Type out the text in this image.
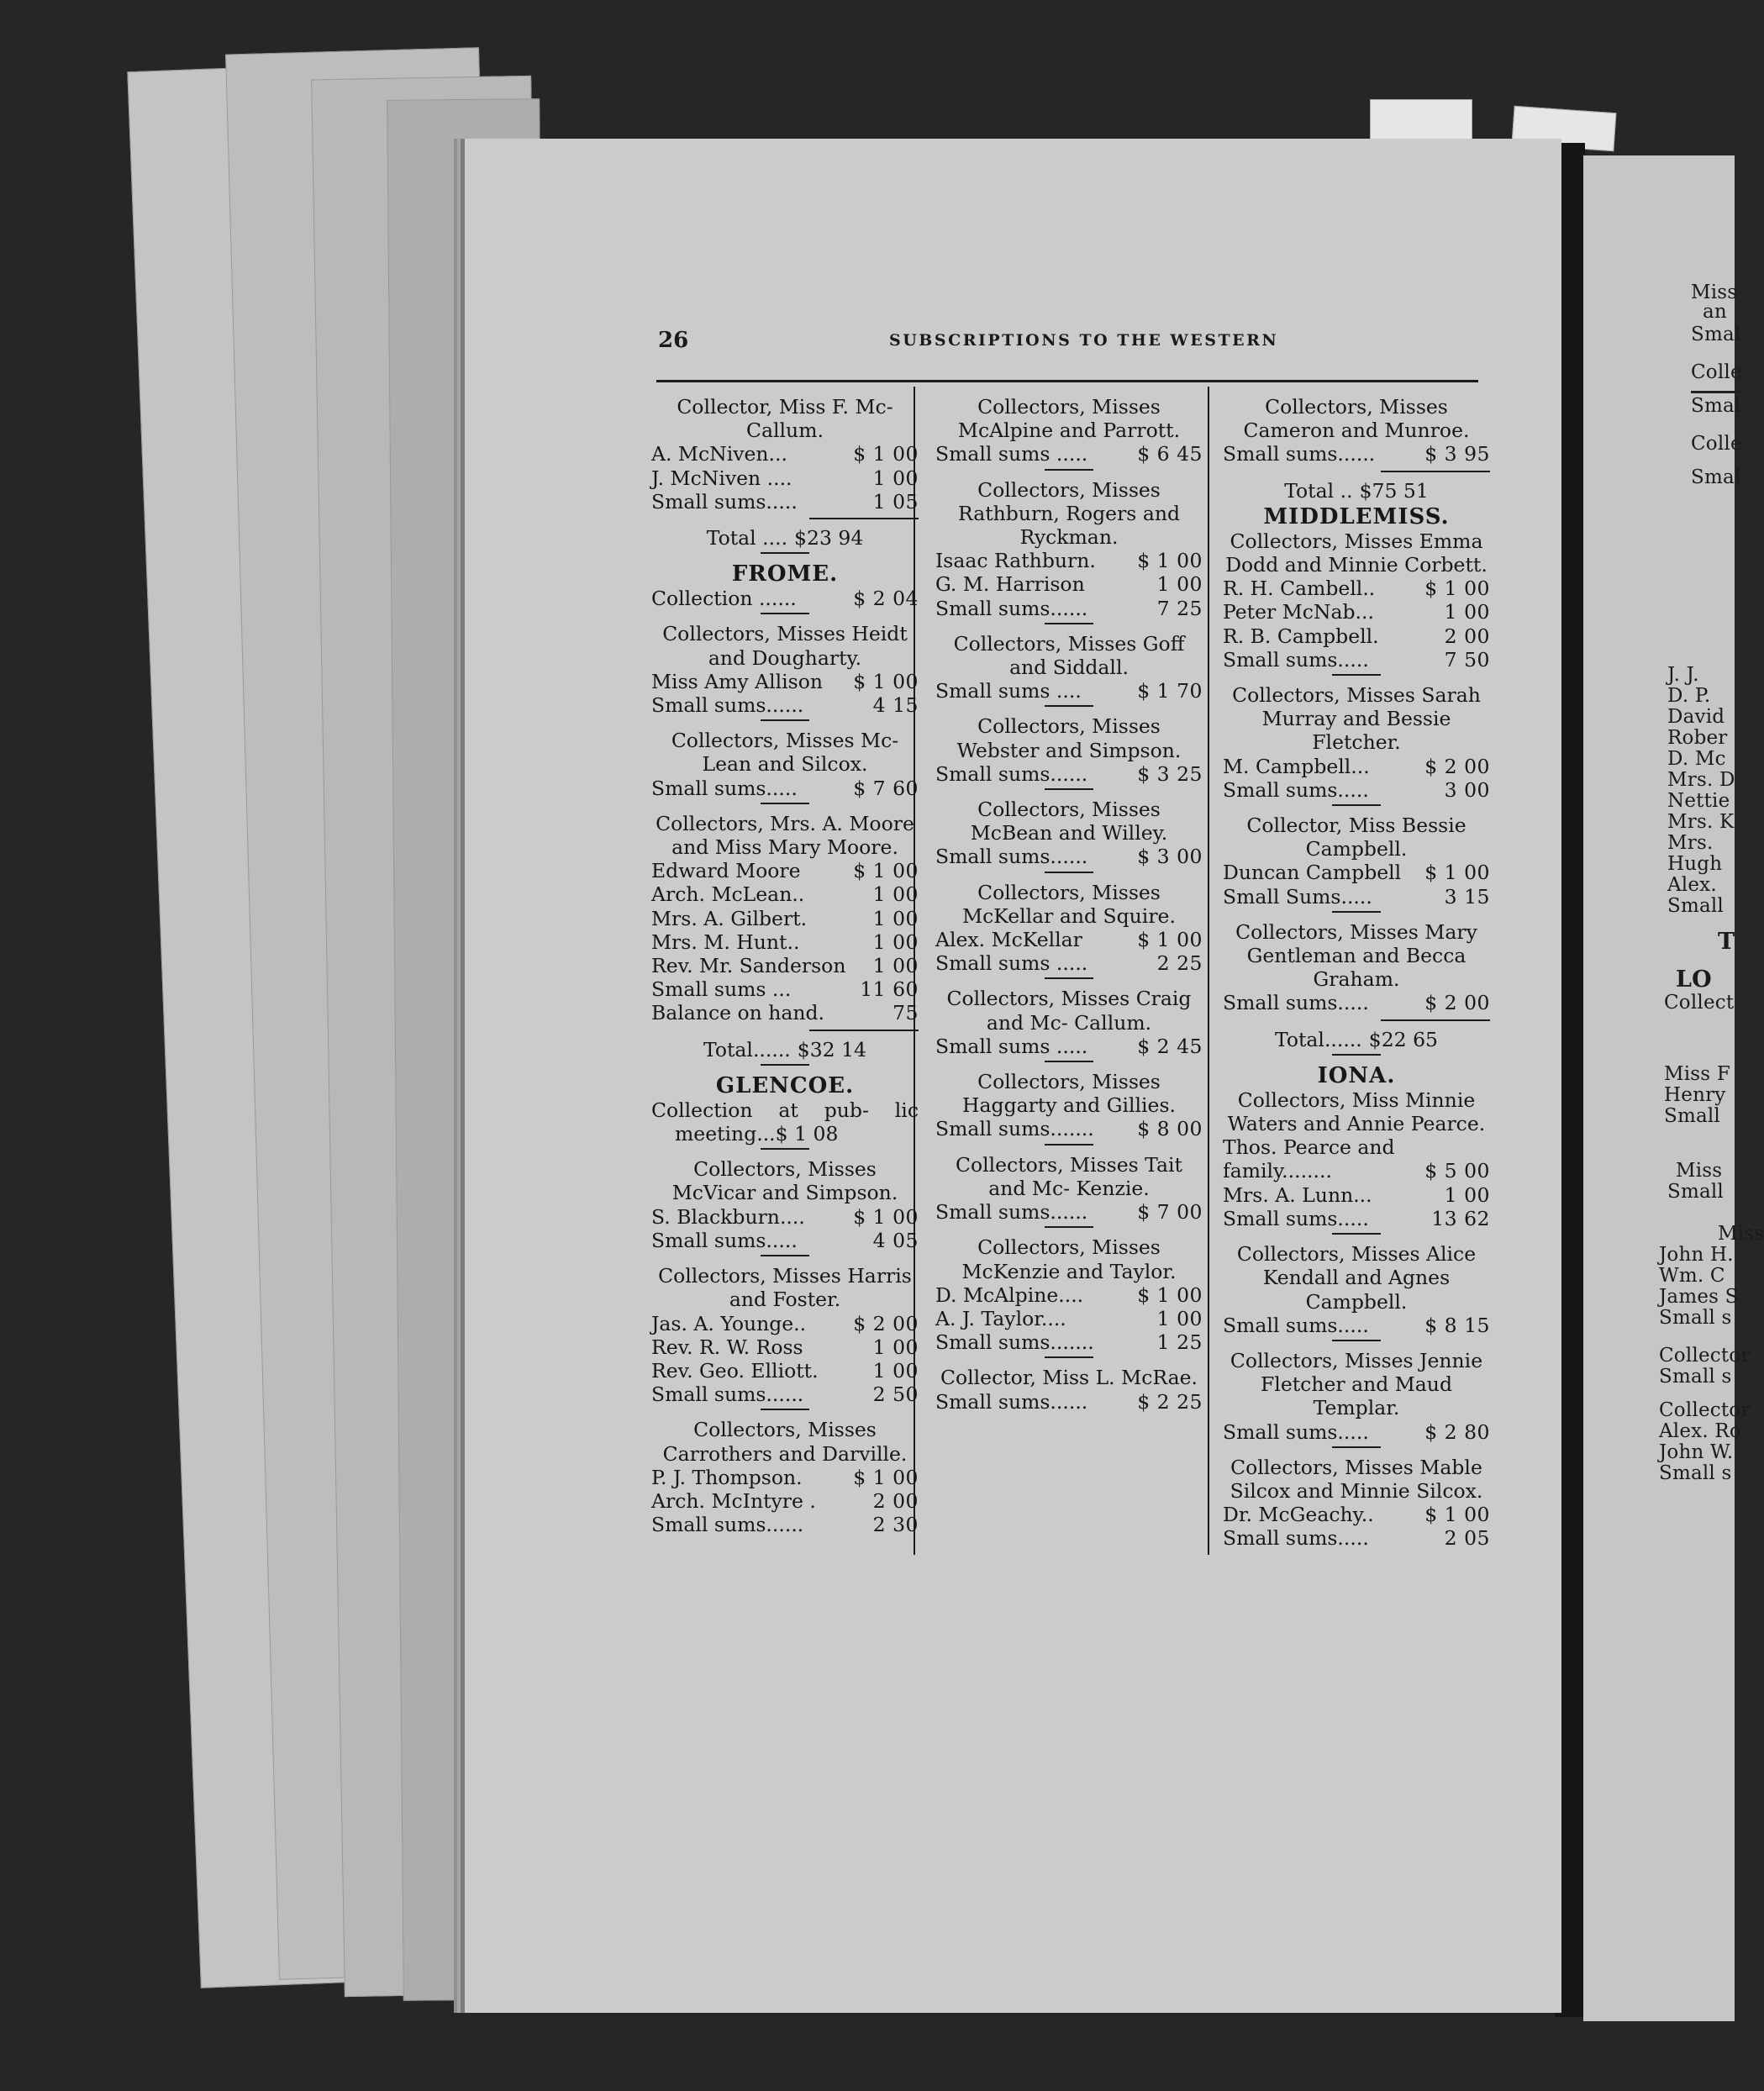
Miss
an
Smal
Colle
Smal
Colle
Smal
J. J.
D. P.
David
Rober
D. Mc
Mrs. D
Nettie
Mrs. K
Mrs.
Hugh
Alex.
Small
T
LO
Collect
Miss F
Henry
Small
Miss
Small
Miss
John H.
Wm. C
James S
Small s
Collector
Small s
Collector
Alex. Ro
John W.
Small s
26	SUBSCRIPTIONS TO THE WESTERN

Collector, Miss F. Mc- Callum.

A. McNiven...	$ 1 00
J. McNiven ....	1 00
Small sums.....	1 05
Total .... $23 94
FROME.
Collection ......	$ 2 04

Collectors, Misses Heidt and Dougharty.

Miss Amy Allison $ 1 00
Small sums......	4 15

Collectors, Misses Mc- Lean and Silcox.

Small sums.....	$ 7 60

Collectors, Mrs. A. Moore and Miss Mary Moore.

Edward Moore	$ 1 00
Arch. McLean..	1 00
Mrs. A. Gilbert.	1 00
Mrs. M. Hunt..	1 00
Rev. Mr. Sanderson 1 00
Small sums ...	11 60
Balance on hand.	75
Total...... $32 14
GLENCOE.

Collection at pub- lic meeting...$ 1 08

Collectors, Misses McVicar and Simpson.

S. Blackburn.... $ 1 00
Small sums.....	4 05

Collectors, Misses Harris and Foster.

Jas. A. Younge.. $ 2 00
Rev. R. W. Ross	1 00
Rev. Geo. Elliott.	1 00
Small sums......	2 50

Collectors, Misses Carrothers and Darville.

P. J. Thompson.	$ 1 00
Arch. McIntyre .	2 00
Small sums......	2 30

Collectors, Misses McAlpine and Parrott.

Small sums .....	$ 6 45

Collectors, Misses Rathburn, Rogers and Ryckman.

Isaac Rathburn. $ 1 00
G. M. Harrison	1 00
Small sums......	7 25

Collectors, Misses Goff and Siddall.

Small sums ....	$ 1 70

Collectors, Misses Webster and Simpson.

Small sums......	$ 3 25

Collectors, Misses McBean and Willey.

Small sums......	$ 3 00

Collectors, Misses McKellar and Squire.

Alex. McKellar	$ 1 00
Small sums .....	2 25

Collectors, Misses Craig and Mc- Callum.

Small sums .....	$ 2 45

Collectors, Misses Haggarty and Gillies.

Small sums....... $ 8 00

Collectors, Misses Tait and Mc- Kenzie.

Small sums......	$ 7 00

Collectors, Misses McKenzie and Taylor.

D. McAlpine....	$ 1 00
A. J. Taylor....	1 00
Small sums.......	1 25

Collector, Miss L. McRae.

Small sums......	$ 2 25

Collectors, Misses Cameron and Munroe.

Small sums......	$ 3 95
Total .. $75 51
MIDDLEMISS.

Collectors, Misses Emma Dodd and Minnie Corbett.

R. H. Cambell..	$ 1 00
Peter McNab...	1 00
R. B. Campbell.	2 00
Small sums.....	7 50

Collectors, Misses Sarah Murray and Bessie Fletcher.

M. Campbell...	$ 2 00
Small sums.....	3 00

Collector, Miss Bessie Campbell.

Duncan Campbell $ 1 00
Small Sums.....	3 15

Collectors, Misses Mary Gentleman and Becca Graham.

Small sums.....	$ 2 00
Total...... $22 65
IONA.

Collectors, Miss Minnie Waters and Annie Pearce.

Thos. Pearce and

family........	$ 5 00
Mrs. A. Lunn...	1 00
Small sums.....	13 62

Collectors, Misses Alice Kendall and Agnes Campbell.

Small sums.....	$ 8 15

Collectors, Misses Jennie Fletcher and Maud Templar.

Small sums.....	$ 2 80

Collectors, Misses Mable Silcox and Minnie Silcox.

Dr. McGeachy..	$ 1 00
Small sums.....	2 05
